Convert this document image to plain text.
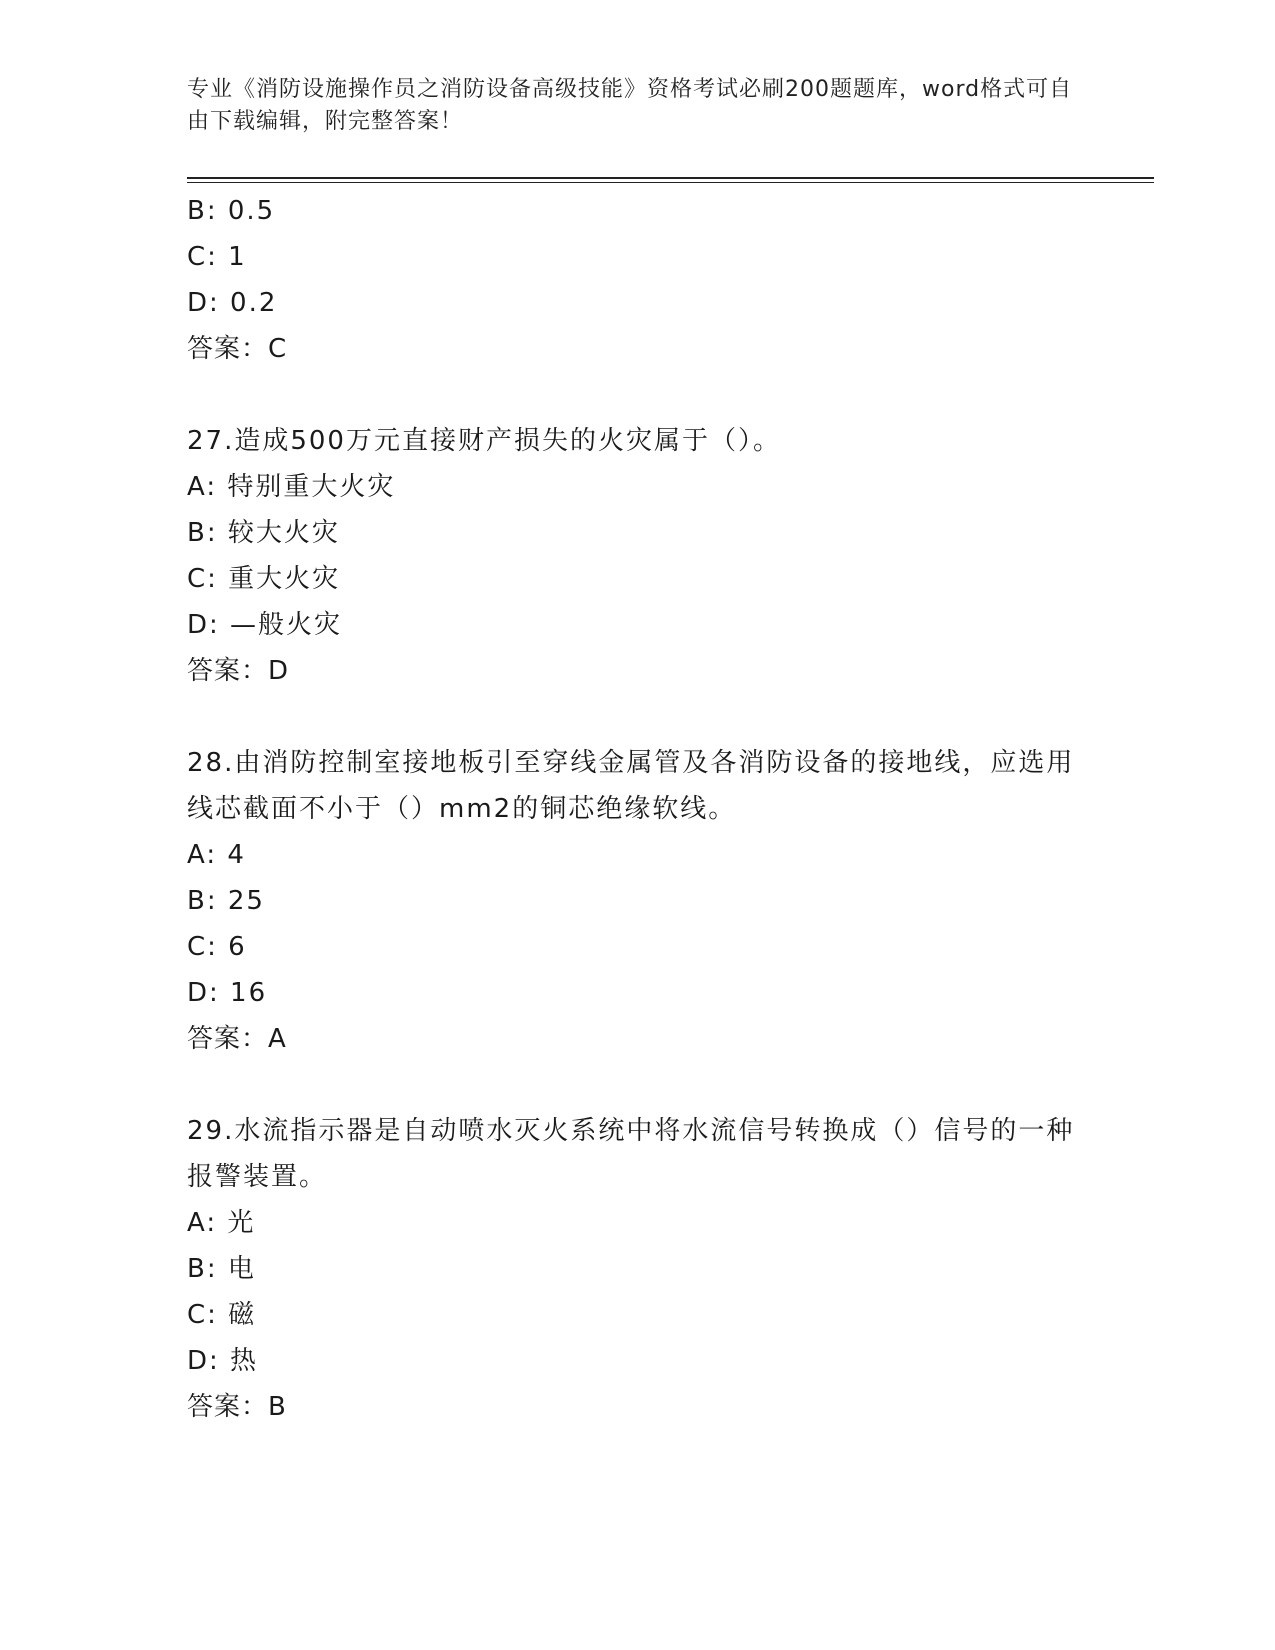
专业《消防设施操作员之消防设备高级技能》资格考试必刷200题题库，word格式可自由下载编辑，附完整答案！
B: 0.5
C: 1
D: 0.2
答案：C
27.造成500万元直接财产损失的火灾属于（）。
A: 特别重大火灾
B: 较大火灾
C: 重大火灾
D: —般火灾
答案：D
28.由消防控制室接地板引至穿线金属管及各消防设备的接地线，应选用线芯截面不小于（）mm2的铜芯绝缘软线。
A: 4
B: 25
C: 6
D: 16
答案：A
29.水流指示器是自动喷水灭火系统中将水流信号转换成（）信号的一种报警装置。
A: 光
B: 电
C: 磁
D: 热
答案：B
